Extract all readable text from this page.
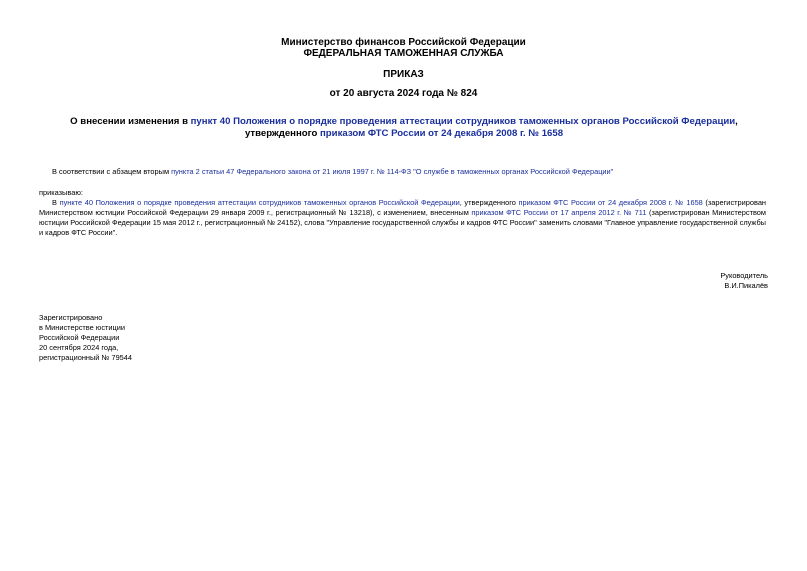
Министерство финансов Российской Федерации
ФЕДЕРАЛЬНАЯ ТАМОЖЕННАЯ СЛУЖБА
ПРИКАЗ
от 20 августа 2024 года № 824
О внесении изменения в пункт 40 Положения о порядке проведения аттестации сотрудников таможенных органов Российской Федерации, утвержденного приказом ФТС России от 24 декабря 2008 г. № 1658
В соответствии с абзацем вторым пункта 2 статьи 47 Федерального закона от 21 июля 1997 г. № 114-ФЗ "О службе в таможенных органах Российской Федерации"
приказываю:
В пункте 40 Положения о порядке проведения аттестации сотрудников таможенных органов Российской Федерации, утвержденного приказом ФТС России от 24 декабря 2008 г. № 1658 (зарегистрирован Министерством юстиции Российской Федерации 29 января 2009 г., регистрационный № 13218), с изменением, внесенным приказом ФТС России от 17 апреля 2012 г. № 711 (зарегистрирован Министерством юстиции Российской Федерации 15 мая 2012 г., регистрационный № 24152), слова "Управление государственной службы и кадров ФТС России" заменить словами "Главное управление государственной службы и кадров ФТС России".
Руководитель
В.И.Пикалёв
Зарегистрировано
в Министерстве юстиции
Российской Федерации
20 сентября 2024 года,
регистрационный № 79544
